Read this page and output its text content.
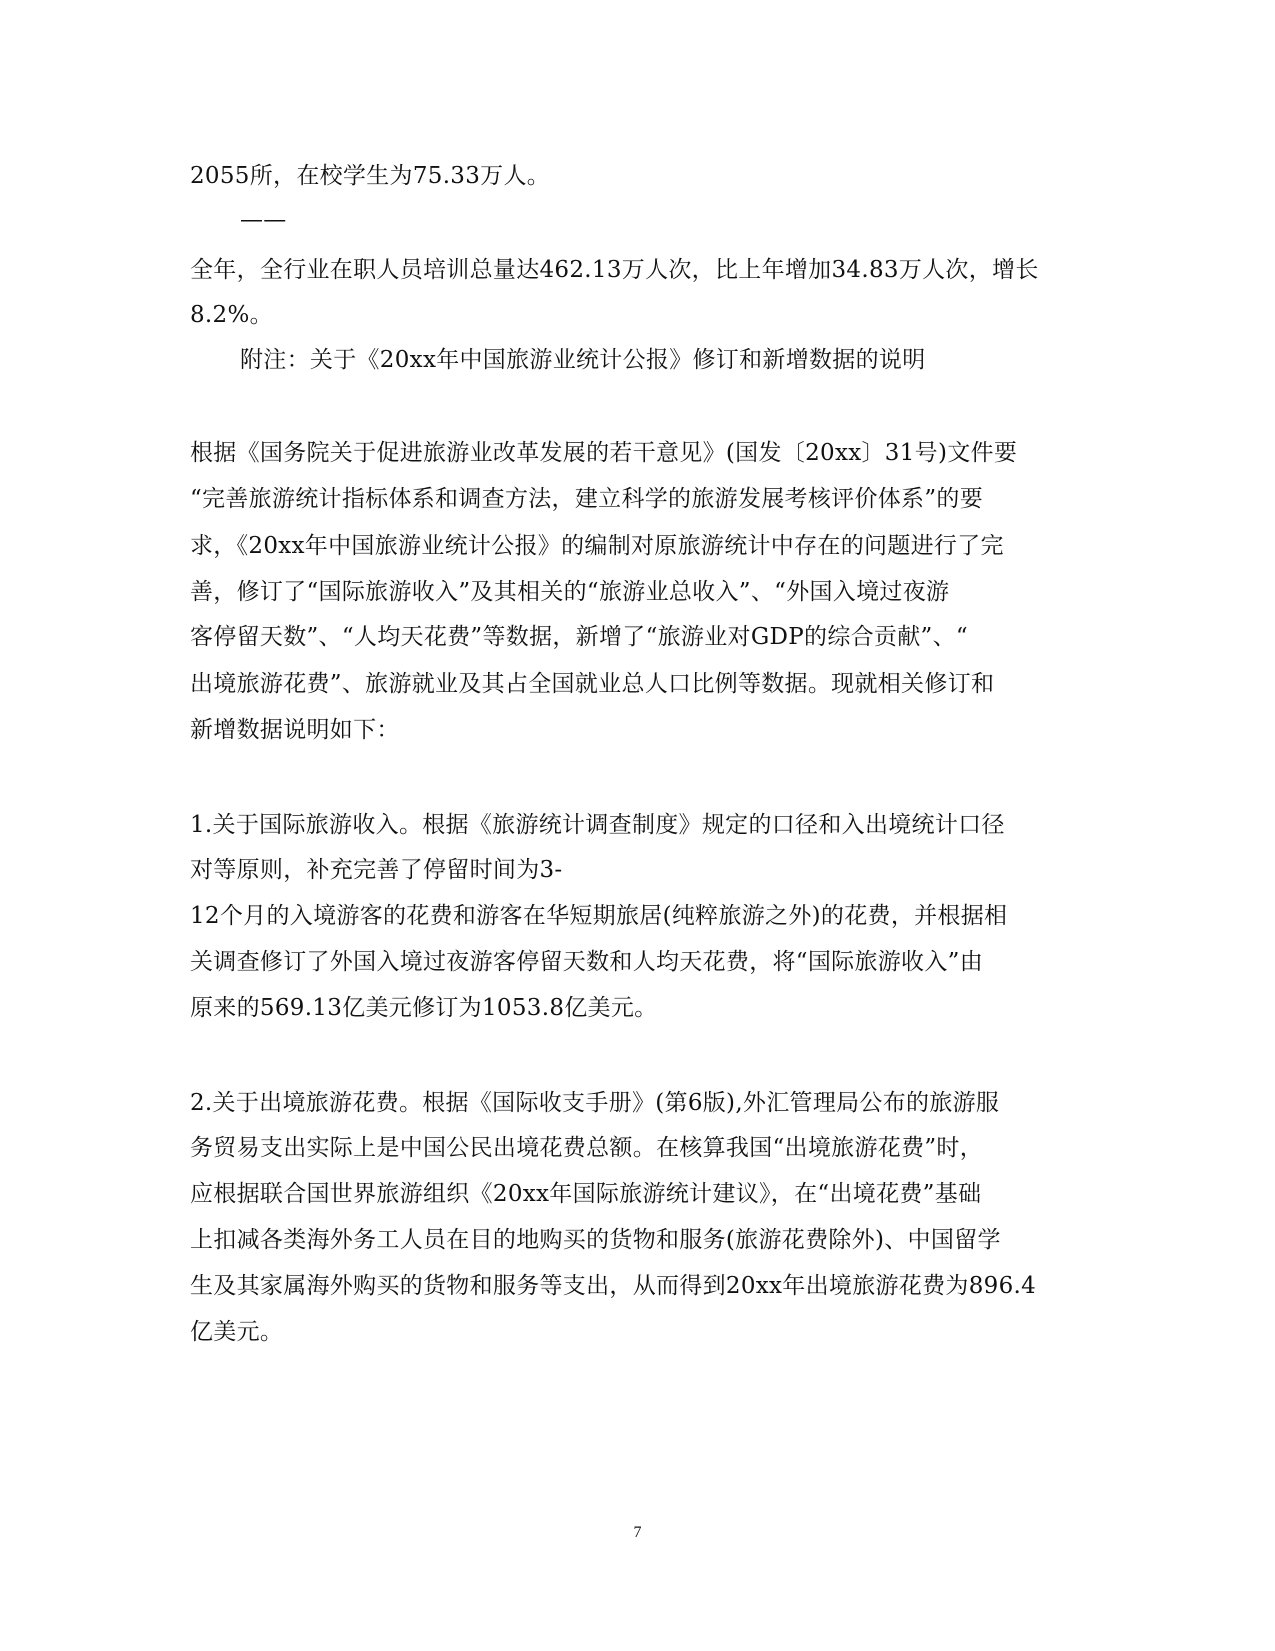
2055所，在校学生为75.33万人。
——
全年，全行业在职人员培训总量达462.13万人次，比上年增加34.83万人次，增长
8.2%。
附注：关于《20xx年中国旅游业统计公报》修订和新增数据的说明
根据《国务院关于促进旅游业改革发展的若干意见》(国发〔20xx〕31号)文件要
“完善旅游统计指标体系和调查方法，建立科学的旅游发展考核评价体系”的要
求，《20xx年中国旅游业统计公报》的编制对原旅游统计中存在的问题进行了完
善，修订了“国际旅游收入”及其相关的“旅游业总收入”、“外国入境过夜游
客停留天数”、“人均天花费”等数据，新增了“旅游业对GDP的综合贡献”、“
出境旅游花费”、旅游就业及其占全国就业总人口比例等数据。现就相关修订和
新增数据说明如下：
1.关于国际旅游收入。根据《旅游统计调查制度》规定的口径和入出境统计口径
对等原则，补充完善了停留时间为3-
12个月的入境游客的花费和游客在华短期旅居(纯粹旅游之外)的花费，并根据相
关调查修订了外国入境过夜游客停留天数和人均天花费，将“国际旅游收入”由
原来的569.13亿美元修订为1053.8亿美元。
2.关于出境旅游花费。根据《国际收支手册》(第6版),外汇管理局公布的旅游服
务贸易支出实际上是中国公民出境花费总额。在核算我国“出境旅游花费”时，
应根据联合国世界旅游组织《20xx年国际旅游统计建议》，在“出境花费”基础
上扣减各类海外务工人员在目的地购买的货物和服务(旅游花费除外)、中国留学
生及其家属海外购买的货物和服务等支出，从而得到20xx年出境旅游花费为896.4
亿美元。
7
